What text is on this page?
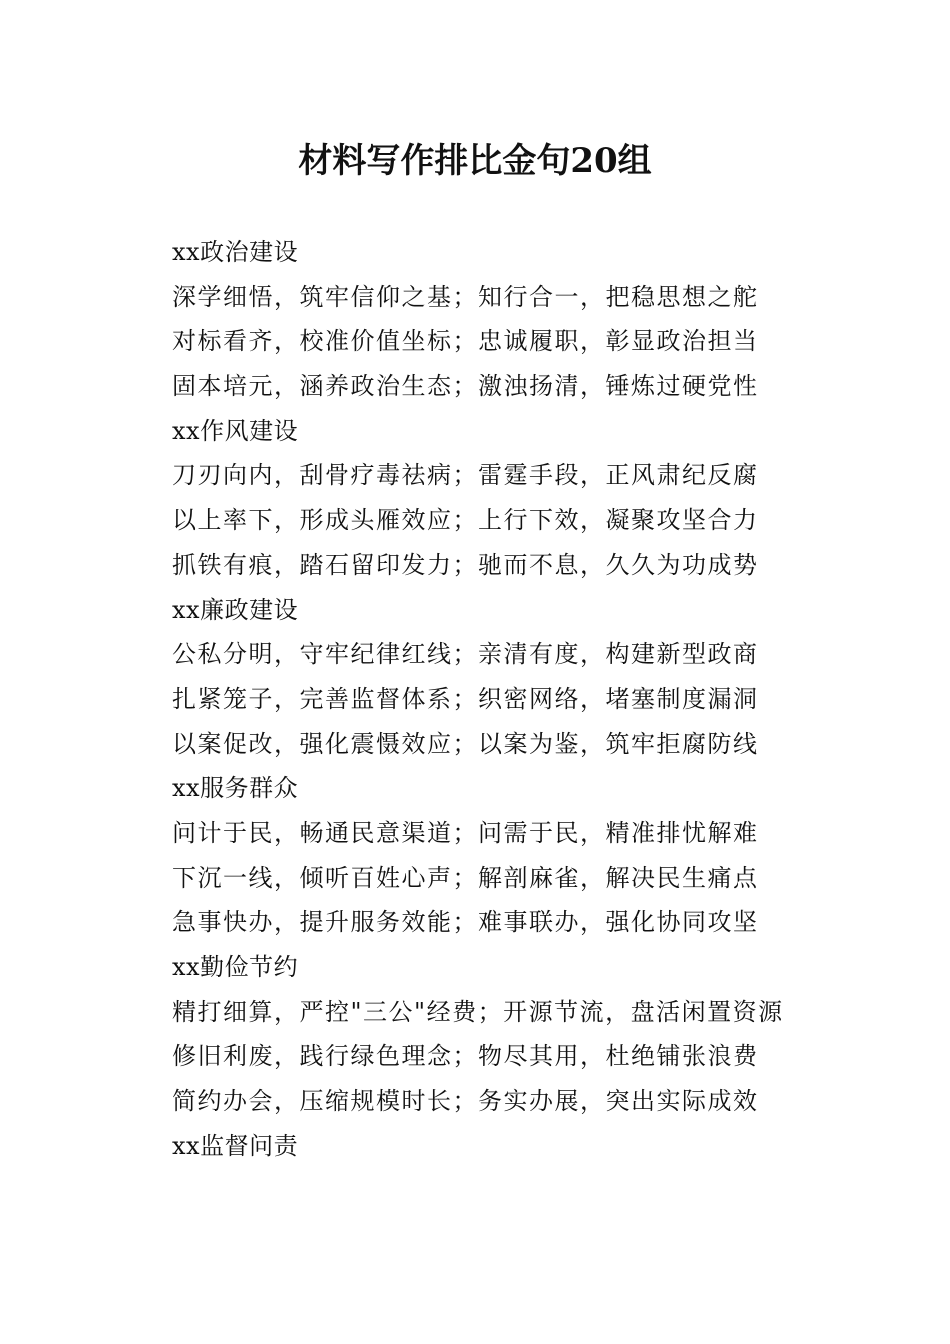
材料写作排比金句20组
xx政治建设
深学细悟，筑牢信仰之基；知行合一，把稳思想之舵
对标看齐，校准价值坐标；忠诚履职，彰显政治担当
固本培元，涵养政治生态；激浊扬清，锤炼过硬党性
xx作风建设
刀刃向内，刮骨疗毒祛病；雷霆手段，正风肃纪反腐
以上率下，形成头雁效应；上行下效，凝聚攻坚合力
抓铁有痕，踏石留印发力；驰而不息，久久为功成势
xx廉政建设
公私分明，守牢纪律红线；亲清有度，构建新型政商
扎紧笼子，完善监督体系；织密网络，堵塞制度漏洞
以案促改，强化震慑效应；以案为鉴，筑牢拒腐防线
xx服务群众
问计于民，畅通民意渠道；问需于民，精准排忧解难
下沉一线，倾听百姓心声；解剖麻雀，解决民生痛点
急事快办，提升服务效能；难事联办，强化协同攻坚
xx勤俭节约
精打细算，严控"三公"经费；开源节流，盘活闲置资源
修旧利废，践行绿色理念；物尽其用，杜绝铺张浪费
简约办会，压缩规模时长；务实办展，突出实际成效
xx监督问责
